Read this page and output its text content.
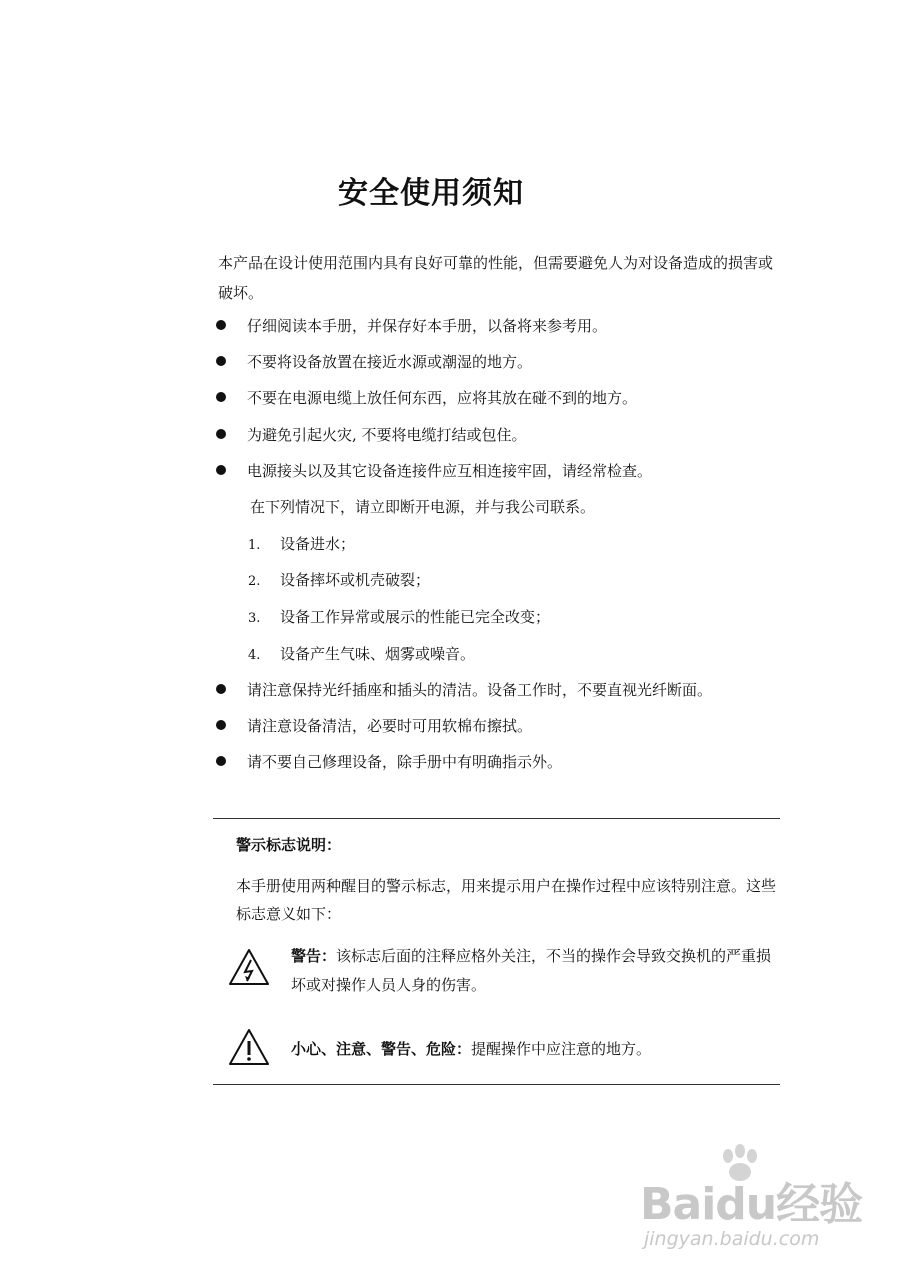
安全使用须知
本产品在设计使用范围内具有良好可靠的性能，但需要避免人为对设备造成的损害或破坏。
仔细阅读本手册，并保存好本手册，以备将来参考用。
不要将设备放置在接近水源或潮湿的地方。
不要在电源电缆上放任何东西，应将其放在碰不到的地方。
为避免引起火灾, 不要将电缆打结或包住。
电源接头以及其它设备连接件应互相连接牢固，请经常检查。
在下列情况下，请立即断开电源，并与我公司联系。
1. 设备进水；
2. 设备摔坏或机壳破裂；
3. 设备工作异常或展示的性能已完全改变；
4. 设备产生气味、烟雾或噪音。
请注意保持光纤插座和插头的清洁。设备工作时，不要直视光纤断面。
请注意设备清洁，必要时可用软棉布擦拭。
请不要自己修理设备，除手册中有明确指示外。
警示标志说明：
本手册使用两种醒目的警示标志，用来提示用户在操作过程中应该特别注意。这些标志意义如下：
警告：该标志后面的注释应格外关注，不当的操作会导致交换机的严重损坏或对操作人员人身的伤害。
小心、注意、警告、危险：提醒操作中应注意的地方。
Baidu经验
jingyan.baidu.com
